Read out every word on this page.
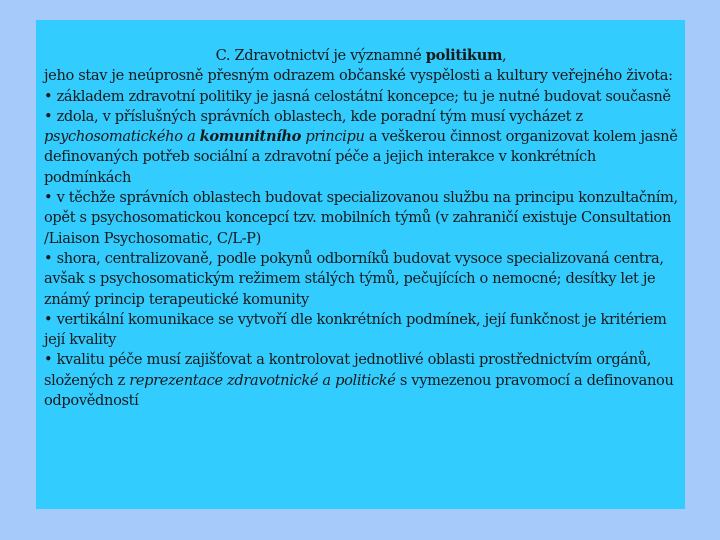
C. Zdravotnictví je významné politikum,

jeho stav je neúprosně přesným odrazem občanské vyspělosti a kultury veřejného života:

• základem zdravotní politiky je jasná celostátní koncepce; tu je nutné budovat současně

• zdola, v příslušných správních oblastech, kde poradní tým musí vycházet z psychosomatického a komunitního principu a veškerou činnost organizovat kolem jasně definovaných potřeb sociální a zdravotní péče a jejich interakce v konkrétních podmínkách

• v těchže správních oblastech budovat specializovanou službu na principu konzultačním, opět s psychosomatickou koncepcí tzv. mobilních týmů (v zahraničí existuje Consultation /Liaison Psychosomatic, C/L-P)

• shora, centralizovaně, podle pokynů odborníků budovat vysoce specializovaná centra, avšak s psychosomatickým režimem stálých týmů, pečujících o nemocné; desítky let je známý princip terapeutické komunity

• vertikální komunikace se vytvoří dle konkrétních podmínek, její funkčnost je kritériem její kvality

• kvalitu péče musí zajišťovat a kontrolovat jednotlivé oblasti prostřednictvím orgánů, složených z reprezentace zdravotnické a politické s vymezenou pravomocí a definovanou odpovědností
